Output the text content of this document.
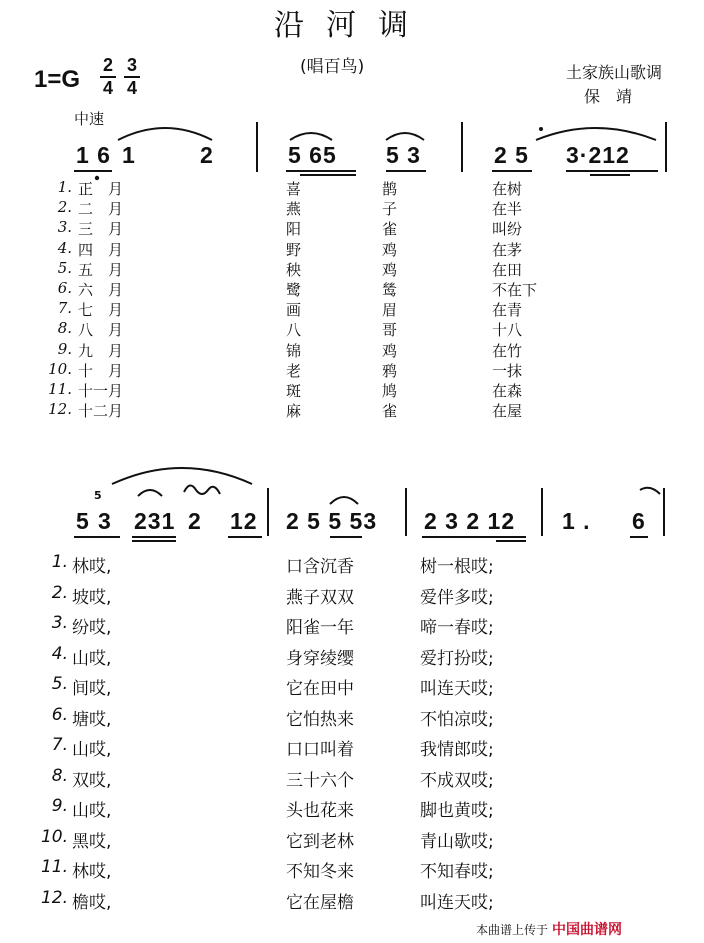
沿河调
(唱百鸟)
1=G
2
4
3
4
土家族山歌调
保　靖
中速
1 6 1	2	5 65 5 3	2 5 3·212
1. 正　月	喜	鹊	在树
2. 二　月	燕	子	在半
3. 三　月	阳	雀	叫纷
4. 四　月	野	鸡	在茅
5. 五　月	秧	鸡	在田
6. 六　月	鹭	鸶	不在下
7. 七　月	画	眉	在青
8. 八　月	八	哥	十八
9. 九　月	锦	鸡	在竹
10. 十　月	老	鸦	一抹
11. 十一月	斑	鸠	在森
12. 十二月	麻	雀	在屋
5
5
3 231 2 12 2 5 5 53 2 3 2 12 1 . 6
1. 林哎,	口含沉香	树一根哎;
2. 坡哎,	燕子双双	爱伴多哎;
3. 纷哎,	阳雀一年	啼一春哎;
4. 山哎,	身穿绫缨	爱打扮哎;
5. 间哎,	它在田中	叫连天哎;
6. 塘哎,	它怕热来	不怕凉哎;
7. 山哎,	口口叫着	我情郎哎;
8. 双哎,	三十六个	不成双哎;
9. 山哎,	头也花来	脚也黄哎;
10. 黑哎,	它到老林	青山歇哎;
11. 林哎,	不知冬来	不知春哎;
12. 檐哎,	它在屋檐	叫连天哎;
本曲谱上传于 中国曲谱网
